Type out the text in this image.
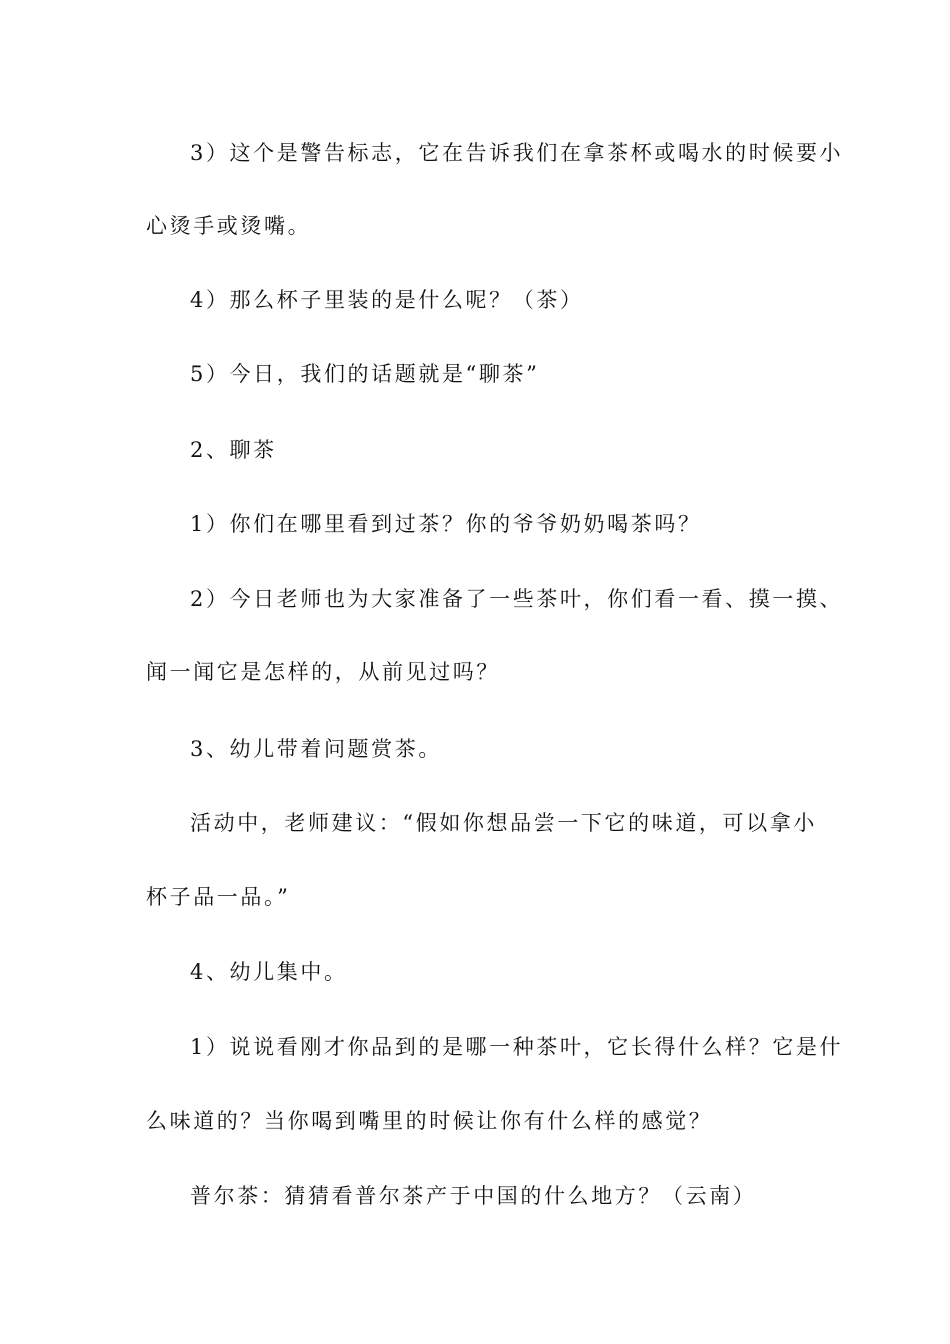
3）这个是警告标志，它在告诉我们在拿茶杯或喝水的时候要小
心烫手或烫嘴。
4）那么杯子里装的是什么呢？（茶）
5）今日，我们的话题就是“聊茶”
2、聊茶
1）你们在哪里看到过茶？你的爷爷奶奶喝茶吗？
2）今日老师也为大家准备了一些茶叶，你们看一看、摸一摸、
闻一闻它是怎样的，从前见过吗？
3、幼儿带着问题赏茶。
活动中，老师建议：“假如你想品尝一下它的味道，可以拿小
杯子品一品。”
4、幼儿集中。
1）说说看刚才你品到的是哪一种茶叶，它长得什么样？它是什
么味道的？当你喝到嘴里的时候让你有什么样的感觉？
普尔茶：猜猜看普尔茶产于中国的什么地方？（云南）
